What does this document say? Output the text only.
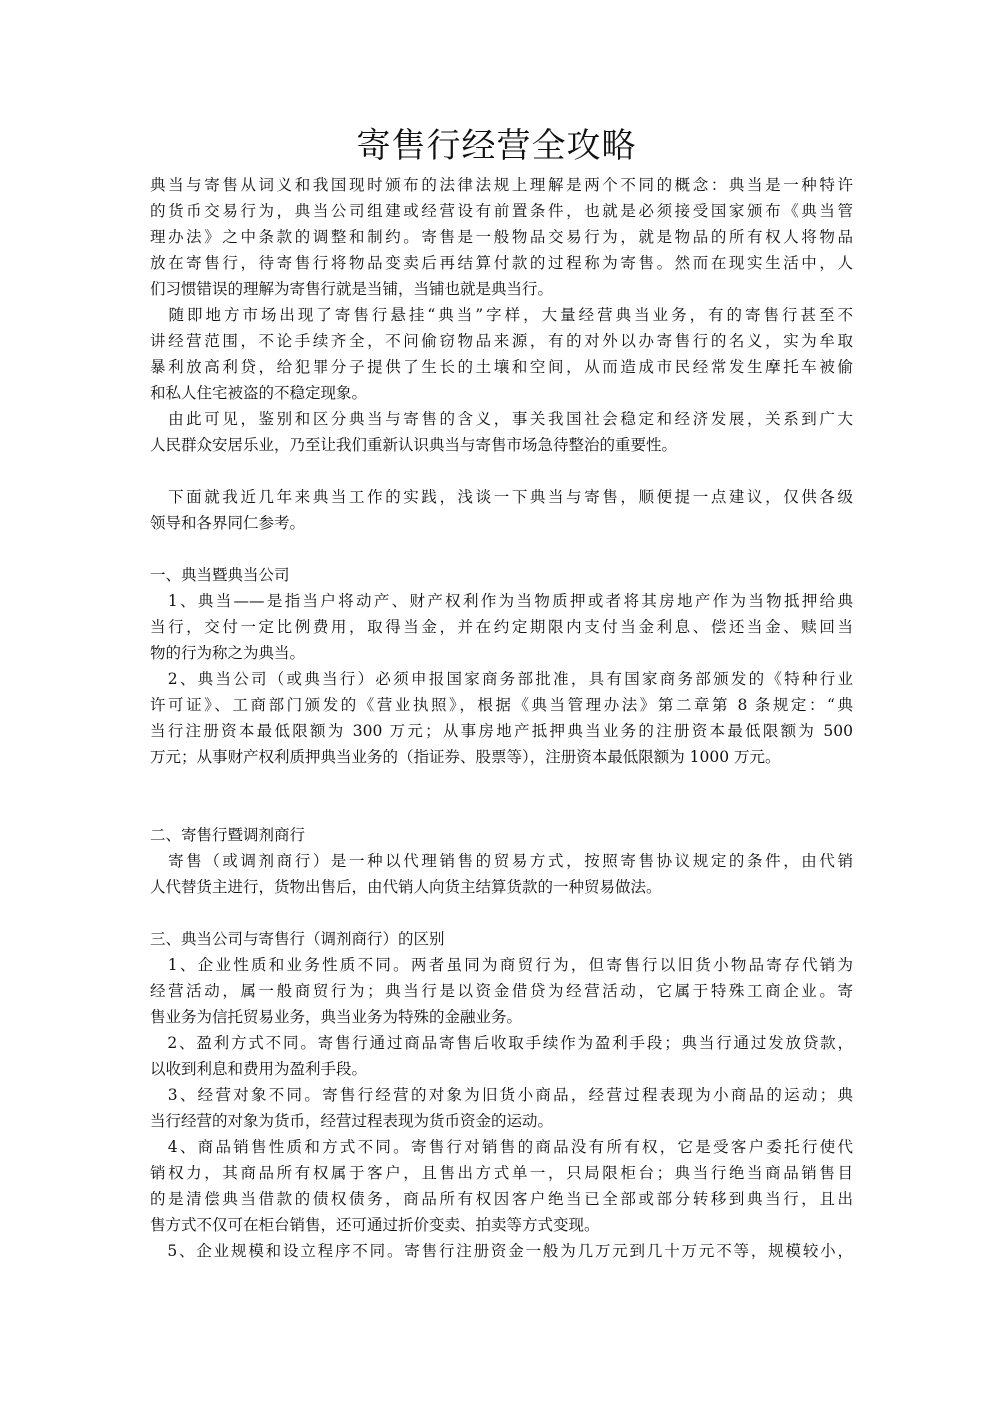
寄售行经营全攻略
典当与寄售从词义和我国现时颁布的法律法规上理解是两个不同的概念：典当是一种特许
的货币交易行为，典当公司组建或经营设有前置条件，也就是必须接受国家颁布《典当管
理办法》之中条款的调整和制约。寄售是一般物品交易行为，就是物品的所有权人将物品
放在寄售行，待寄售行将物品变卖后再结算付款的过程称为寄售。然而在现实生活中，人
们习惯错误的理解为寄售行就是当铺，当铺也就是典当行。
　随即地方市场出现了寄售行悬挂“典当”字样，大量经营典当业务，有的寄售行甚至不
讲经营范围，不论手续齐全，不问偷窃物品来源，有的对外以办寄售行的名义，实为牟取
暴利放高利贷，给犯罪分子提供了生长的土壤和空间，从而造成市民经常发生摩托车被偷
和私人住宅被盗的不稳定现象。
　由此可见，鉴别和区分典当与寄售的含义，事关我国社会稳定和经济发展，关系到广大
人民群众安居乐业，乃至让我们重新认识典当与寄售市场急待整治的重要性。
　下面就我近几年来典当工作的实践，浅谈一下典当与寄售，顺便提一点建议，仅供各级
领导和各界同仁参考。
一、典当暨典当公司
　1、典当——是指当户将动产、财产权利作为当物质押或者将其房地产作为当物抵押给典
当行，交付一定比例费用，取得当金，并在约定期限内支付当金利息、偿还当金、赎回当
物的行为称之为典当。
　2、典当公司（或典当行）必须申报国家商务部批准，具有国家商务部颁发的《特种行业
许可证》、工商部门颁发的《营业执照》，根据《典当管理办法》第二章第 8 条规定：“典
当行注册资本最低限额为 300 万元；从事房地产抵押典当业务的注册资本最低限额为 500
万元；从事财产权利质押典当业务的（指证券、股票等），注册资本最低限额为 1000 万元。
二、寄售行暨调剂商行
　寄售（或调剂商行）是一种以代理销售的贸易方式，按照寄售协议规定的条件，由代销
人代替货主进行，货物出售后，由代销人向货主结算货款的一种贸易做法。
三、典当公司与寄售行（调剂商行）的区别
　1、企业性质和业务性质不同。两者虽同为商贸行为，但寄售行以旧货小物品寄存代销为
经营活动，属一般商贸行为；典当行是以资金借贷为经营活动，它属于特殊工商企业。寄
售业务为信托贸易业务，典当业务为特殊的金融业务。
　2、盈利方式不同。寄售行通过商品寄售后收取手续作为盈利手段；典当行通过发放贷款，
以收到利息和费用为盈利手段。
　3、经营对象不同。寄售行经营的对象为旧货小商品，经营过程表现为小商品的运动；典
当行经营的对象为货币，经营过程表现为货币资金的运动。
　4、商品销售性质和方式不同。寄售行对销售的商品没有所有权，它是受客户委托行使代
销权力，其商品所有权属于客户，且售出方式单一，只局限柜台；典当行绝当商品销售目
的是清偿典当借款的债权债务，商品所有权因客户绝当已全部或部分转移到典当行，且出
售方式不仅可在柜台销售，还可通过折价变卖、拍卖等方式变现。
　5、企业规模和设立程序不同。寄售行注册资金一般为几万元到几十万元不等，规模较小，
